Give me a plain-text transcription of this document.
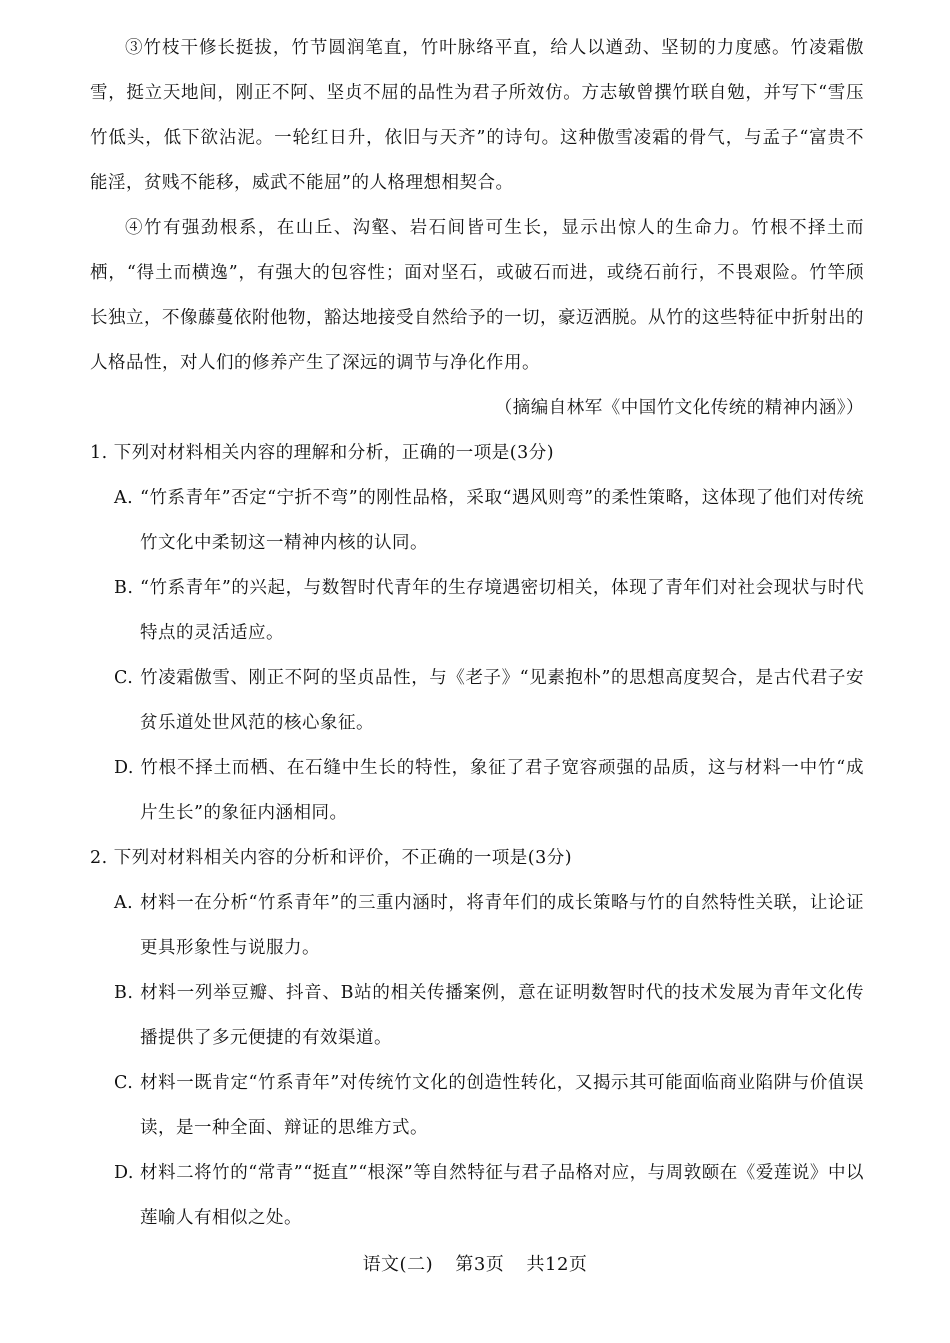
③竹枝干修长挺拔，竹节圆润笔直，竹叶脉络平直，给人以遒劲、坚韧的力度感。竹凌霜傲雪，挺立天地间，刚正不阿、坚贞不屈的品性为君子所效仿。方志敏曾撰竹联自勉，并写下“雪压竹低头，低下欲沾泥。一轮红日升，依旧与天齐”的诗句。这种傲雪凌霜的骨气，与孟子“富贵不能淫，贫贱不能移，威武不能屈”的人格理想相契合。

④竹有强劲根系，在山丘、沟壑、岩石间皆可生长，显示出惊人的生命力。竹根不择土而栖，“得土而横逸”，有强大的包容性；面对坚石，或破石而进，或绕石前行，不畏艰险。竹竿颀长独立，不像藤蔓依附他物，豁达地接受自然给予的一切，豪迈洒脱。从竹的这些特征中折射出的人格品性，对人们的修养产生了深远的调节与净化作用。

（摘编自林军《中国竹文化传统的精神内涵》）

1. 下列对材料相关内容的理解和分析，正确的一项是(3分)

A. “竹系青年”否定“宁折不弯”的刚性品格，采取“遇风则弯”的柔性策略，这体现了他们对传统竹文化中柔韧这一精神内核的认同。

B. “竹系青年”的兴起，与数智时代青年的生存境遇密切相关，体现了青年们对社会现状与时代特点的灵活适应。

C. 竹凌霜傲雪、刚正不阿的坚贞品性，与《老子》“见素抱朴”的思想高度契合，是古代君子安贫乐道处世风范的核心象征。

D. 竹根不择土而栖、在石缝中生长的特性，象征了君子宽容顽强的品质，这与材料一中竹“成片生长”的象征内涵相同。

2. 下列对材料相关内容的分析和评价，不正确的一项是(3分)

A. 材料一在分析“竹系青年”的三重内涵时，将青年们的成长策略与竹的自然特性关联，让论证更具形象性与说服力。

B. 材料一列举豆瓣、抖音、B站的相关传播案例，意在证明数智时代的技术发展为青年文化传播提供了多元便捷的有效渠道。

C. 材料一既肯定“竹系青年”对传统竹文化的创造性转化，又揭示其可能面临商业陷阱与价值误读，是一种全面、辩证的思维方式。

D. 材料二将竹的“常青”“挺直”“根深”等自然特征与君子品格对应，与周敦颐在《爱莲说》中以莲喻人有相似之处。

语文(二) 第3页 共12页
